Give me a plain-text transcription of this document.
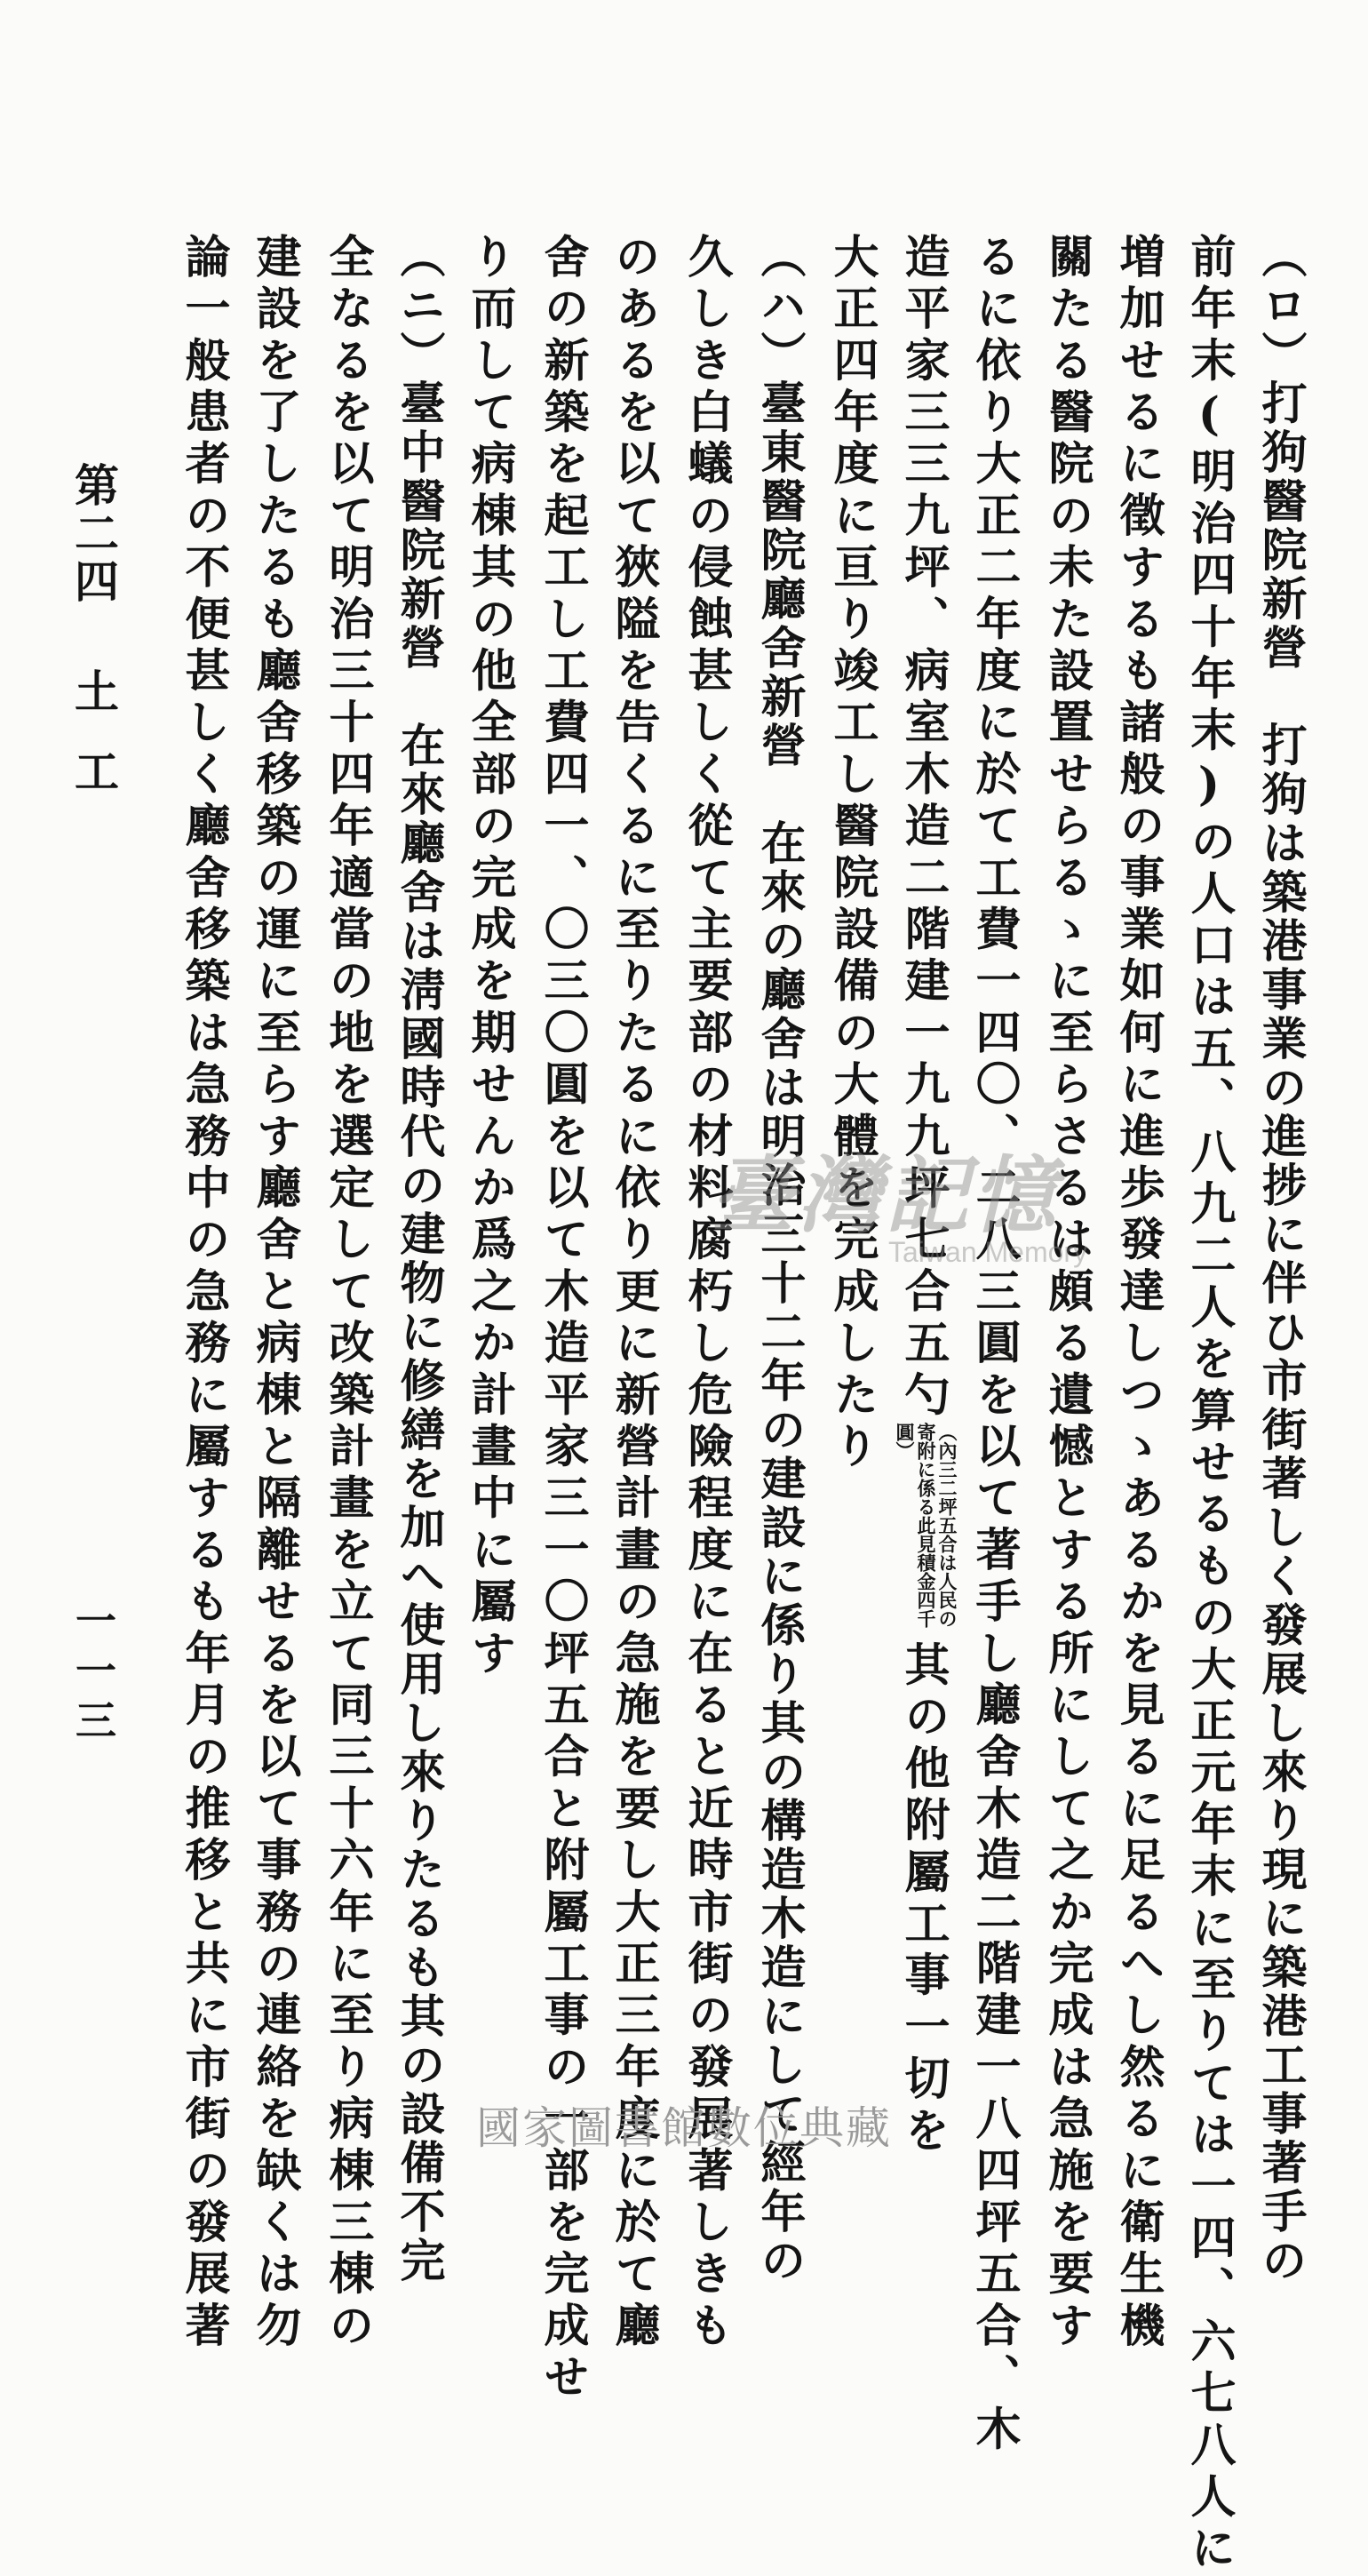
（ロ）打狗醫院新營　打狗は築港事業の進捗に伴ひ市街著しく發展し來り現に築港工事著手の
前年末(明治四十年末)の人口は五、八九二人を算せるもの大正元年末に至りては一四、六七八人に
増加せるに徵するも諸般の事業如何に進歩發達しつゝあるかを見るに足るへし然るに衛生機
關たる醫院の未た設置せらるゝに至らさるは頗る遺憾とする所にして之か完成は急施を要す
るに依り大正二年度に於て工費一四〇、二八三圓を以て著手し廳舍木造二階建一八四坪五合、木
造平家三三九坪、病室木造二階建一九九坪七合五勺（內三二坪五合は人民の寄附に係る此見積金四千圓）其の他附屬工事一切を
大正四年度に亘り竣工し醫院設備の大體を完成したり
（ハ）臺東醫院廳舍新營　在來の廳舍は明治三十二年の建設に係り其の構造木造にして經年の
久しき白蟻の侵蝕甚しく從て主要部の材料腐朽し危險程度に在ると近時市街の發展著しきも
のあるを以て狹隘を告くるに至りたるに依り更に新營計畫の急施を要し大正三年度に於て廳
舍の新築を起工し工費四一、〇三〇圓を以て木造平家三一〇坪五合と附屬工事の一部を完成せ
り而して病棟其の他全部の完成を期せんか爲之か計畫中に屬す
（ニ）臺中醫院新營　在來廳舍は淸國時代の建物に修繕を加へ使用し來りたるも其の設備不完
全なるを以て明治三十四年適當の地を選定して改築計畫を立て同三十六年に至り病棟三棟の
建設を了したるも廳舍移築の運に至らす廳舍と病棟と隔離せるを以て事務の連絡を缺くは勿
論一般患者の不便甚しく廳舍移築は急務中の急務に屬するも年月の推移と共に市街の發展著
第二四土工
一一三
臺灣記憶
Taiwan Memory
國家圖書館數位典藏
